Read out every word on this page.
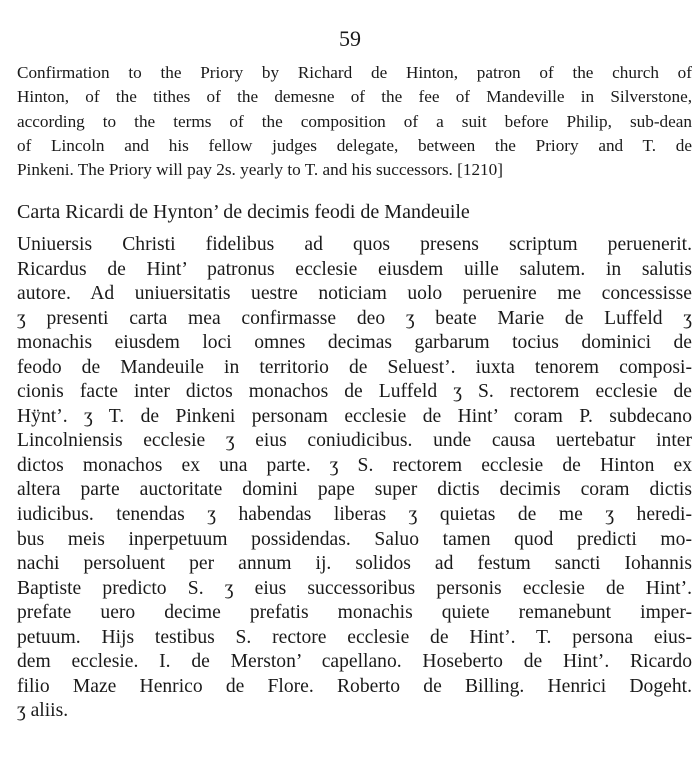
59
Confirmation to the Priory by Richard de Hinton, patron of the church of
Hinton, of the tithes of the demesne of the fee of Mandeville in Silverstone,
according to the terms of the composition of a suit before Philip, sub-dean
of Lincoln and his fellow judges delegate, between the Priory and T. de
Pinkeni. The Priory will pay 2s. yearly to T. and his successors. [1210]
Carta Ricardi de Hynton’ de decimis feodi de Mandeuile
Uniuersis Christi fidelibus ad quos presens scriptum peruenerit.
Ricardus de Hint’ patronus ecclesie eiusdem uille salutem. in salutis
autore. Ad uniuersitatis uestre noticiam uolo peruenire me concessisse
ʒ presenti carta mea confirmasse deo ʒ beate Marie de Luffeld ʒ
monachis eiusdem loci omnes decimas garbarum tocius dominici de
feodo de Mandeuile in territorio de Seluest’. iuxta tenorem composi-
cionis facte inter dictos monachos de Luffeld ʒ S. rectorem ecclesie de
Hÿnt’. ʒ T. de Pinkeni personam ecclesie de Hint’ coram P. subdecano
Lincolniensis ecclesie ʒ eius coniudicibus. unde causa uertebatur inter
dictos monachos ex una parte. ʒ S. rectorem ecclesie de Hinton ex
altera parte auctoritate domini pape super dictis decimis coram dictis
iudicibus. tenendas ʒ habendas liberas ʒ quietas de me ʒ heredi-
bus meis inperpetuum possidendas. Saluo tamen quod predicti mo-
nachi persoluent per annum ij. solidos ad festum sancti Iohannis
Baptiste predicto S. ʒ eius successoribus personis ecclesie de Hint’.
prefate uero decime prefatis monachis quiete remanebunt imper-
petuum. Hijs testibus S. rectore ecclesie de Hint’. T. persona eius-
dem ecclesie. I. de Merston’ capellano. Hoseberto de Hint’. Ricardo
filio Maze Henrico de Flore. Roberto de Billing. Henrici Dogeht.
ʒ aliis.
